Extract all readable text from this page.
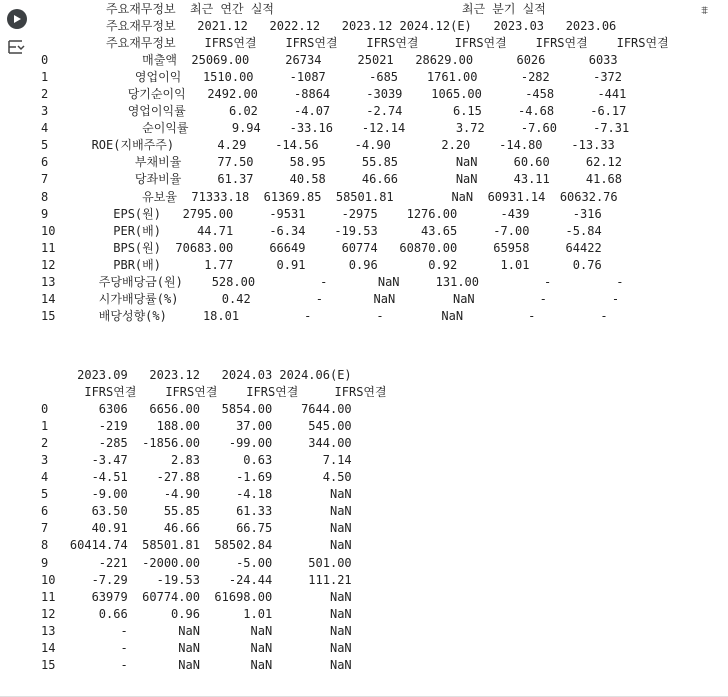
⩨
주요재무정보  최근 연간 실적                          최근 분기 실적
주요재무정보   2021.12   2022.12   2023.12 2024.12(E)   2023.03   2023.06
주요재무정보    IFRS연결    IFRS연결    IFRS연결     IFRS연결    IFRS연결    IFRS연결
0             매출액  25069.00     26734     25021   28629.00      6026      6033
1            영업이익   1510.00     -1087      -685    1761.00      -282      -372
2           당기순이익   2492.00     -8864     -3039    1065.00      -458      -441
3           영업이익률      6.02     -4.07     -2.74       6.15     -4.68     -6.17
4             순이익률      9.94    -33.16    -12.14       3.72     -7.60     -7.31
5      ROE(지배주주)      4.29    -14.56     -4.90       2.20    -14.80    -13.33
6            부채비율     77.50     58.95     55.85        NaN     60.60     62.12
7            당좌비율     61.37     40.58     46.66        NaN     43.11     41.68
8             유보율  71333.18  61369.85  58501.81        NaN  60931.14  60632.76
9         EPS(원)   2795.00     -9531     -2975    1276.00      -439      -316
10        PER(배)     44.71     -6.34    -19.53      43.65     -7.00     -5.84
11        BPS(원)  70683.00     66649     60774   60870.00     65958     64422
12        PBR(배)      1.77      0.91      0.96       0.92      1.01      0.76
13      주당배당금(원)    528.00         -       NaN     131.00         -         -
14      시가배당률(%)      0.42         -       NaN        NaN         -         -
15      배당성향(%)     18.01         -         -        NaN         -         -
2023.09   2023.12   2024.03 2024.06(E)
IFRS연결    IFRS연결    IFRS연결     IFRS연결
0       6306   6656.00   5854.00    7644.00
1       -219    188.00     37.00     545.00
2       -285  -1856.00    -99.00     344.00
3      -3.47      2.83      0.63       7.14
4      -4.51    -27.88     -1.69       4.50
5      -9.00     -4.90     -4.18        NaN
6      63.50     55.85     61.33        NaN
7      40.91     46.66     66.75        NaN
8   60414.74  58501.81  58502.84        NaN
9       -221  -2000.00     -5.00     501.00
10     -7.29    -19.53    -24.44     111.21
11     63979  60774.00  61698.00        NaN
12      0.66      0.96      1.01        NaN
13         -       NaN       NaN        NaN
14         -       NaN       NaN        NaN
15         -       NaN       NaN        NaN
